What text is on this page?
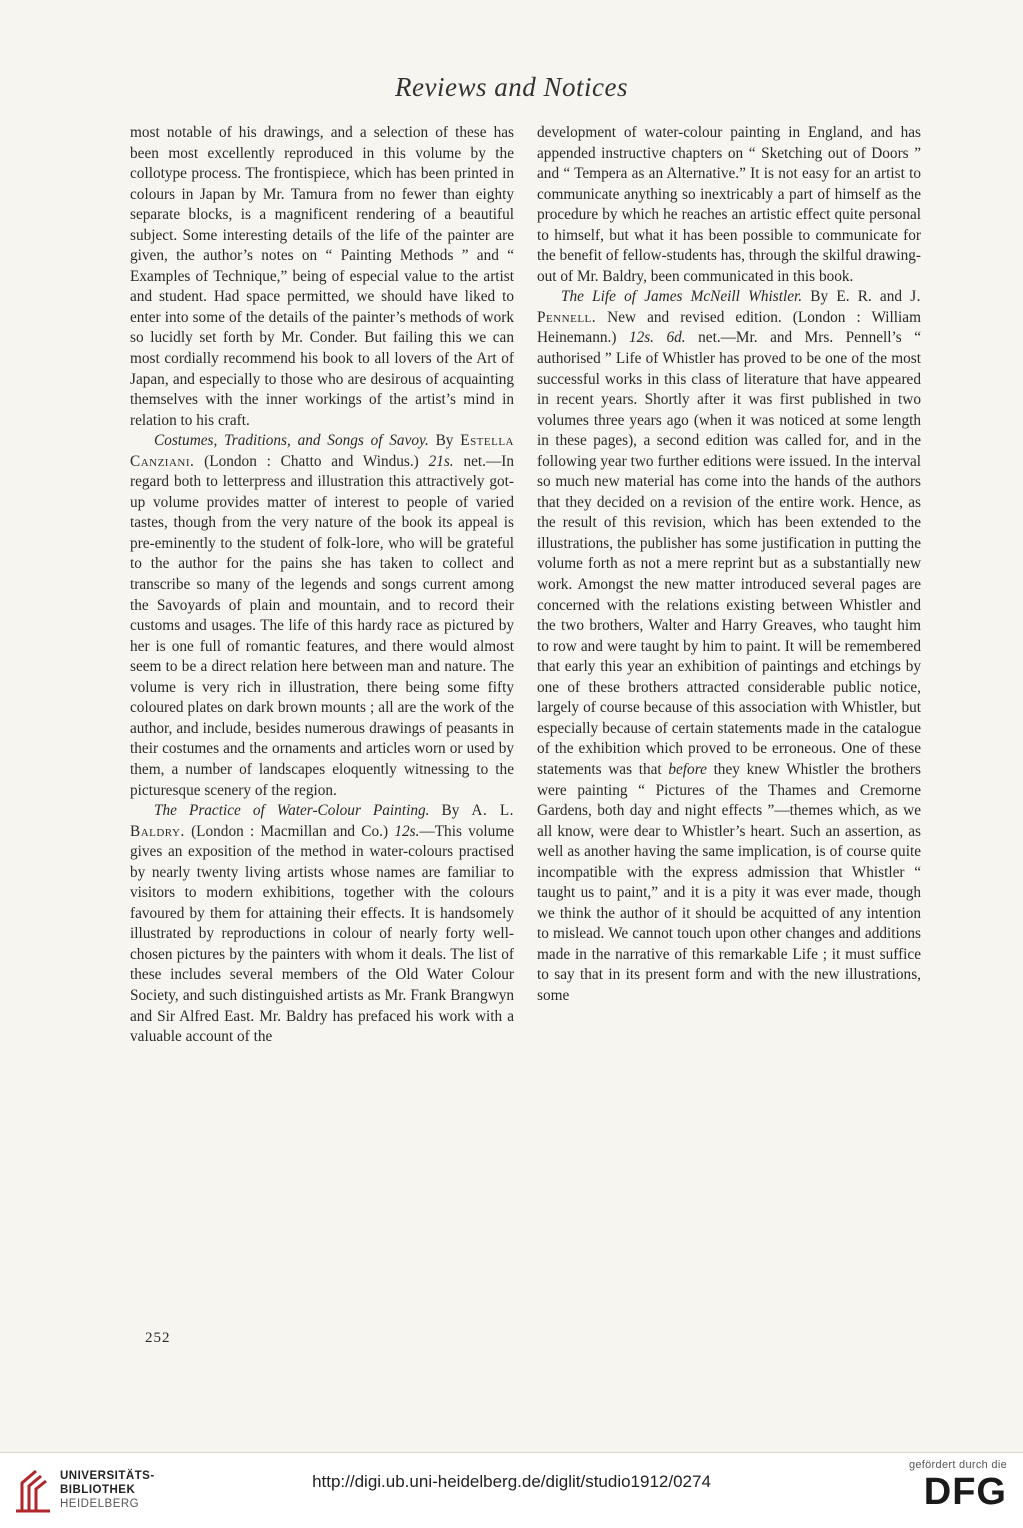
Reviews and Notices

most notable of his drawings, and a selection of these has been most excellently reproduced in this volume by the collotype process. The frontispiece, which has been printed in colours in Japan by Mr. Tamura from no fewer than eighty separate blocks, is a magnificent rendering of a beautiful subject. Some interesting details of the life of the painter are given, the author’s notes on “ Painting Methods ” and “ Examples of Technique,” being of especial value to the artist and student. Had space permitted, we should have liked to enter into some of the details of the painter’s methods of work so lucidly set forth by Mr. Conder. But failing this we can most cordially recommend his book to all lovers of the Art of Japan, and especially to those who are desirous of acquainting themselves with the inner workings of the artist’s mind in relation to his craft.

Costumes, Traditions, and Songs of Savoy. By Estella Canziani. (London : Chatto and Windus.) 21s. net.—In regard both to letterpress and illustration this attractively got-up volume provides matter of interest to people of varied tastes, though from the very nature of the book its appeal is pre-eminently to the student of folk-lore, who will be grateful to the author for the pains she has taken to collect and transcribe so many of the legends and songs current among the Savoyards of plain and mountain, and to record their customs and usages. The life of this hardy race as pictured by her is one full of romantic features, and there would almost seem to be a direct relation here between man and nature. The volume is very rich in illustration, there being some fifty coloured plates on dark brown mounts ; all are the work of the author, and include, besides numerous drawings of peasants in their costumes and the ornaments and articles worn or used by them, a number of landscapes eloquently witnessing to the picturesque scenery of the region.

The Practice of Water-Colour Painting. By A. L. Baldry. (London : Macmillan and Co.) 12s.—This volume gives an exposition of the method in water-colours practised by nearly twenty living artists whose names are familiar to visitors to modern exhibitions, together with the colours favoured by them for attaining their effects. It is handsomely illustrated by reproductions in colour of nearly forty well-chosen pictures by the painters with whom it deals. The list of these includes several members of the Old Water Colour Society, and such distinguished artists as Mr. Frank Brangwyn and Sir Alfred East. Mr. Baldry has prefaced his work with a valuable account of the

development of water-colour painting in England, and has appended instructive chapters on “ Sketching out of Doors ” and “ Tempera as an Alternative.” It is not easy for an artist to communicate anything so inextricably a part of himself as the procedure by which he reaches an artistic effect quite personal to himself, but what it has been possible to communicate for the benefit of fellow-students has, through the skilful drawing-out of Mr. Baldry, been communicated in this book.

The Life of James McNeill Whistler. By E. R. and J. Pennell. New and revised edition. (London : William Heinemann.) 12s. 6d. net.—Mr. and Mrs. Pennell’s “ authorised ” Life of Whistler has proved to be one of the most successful works in this class of literature that have appeared in recent years. Shortly after it was first published in two volumes three years ago (when it was noticed at some length in these pages), a second edition was called for, and in the following year two further editions were issued. In the interval so much new material has come into the hands of the authors that they decided on a revision of the entire work. Hence, as the result of this revision, which has been extended to the illustrations, the publisher has some justification in putting the volume forth as not a mere reprint but as a substantially new work. Amongst the new matter introduced several pages are concerned with the relations existing between Whistler and the two brothers, Walter and Harry Greaves, who taught him to row and were taught by him to paint. It will be remembered that early this year an exhibition of paintings and etchings by one of these brothers attracted considerable public notice, largely of course because of this association with Whistler, but especially because of certain statements made in the catalogue of the exhibition which proved to be erroneous. One of these statements was that before they knew Whistler the brothers were painting “ Pictures of the Thames and Cremorne Gardens, both day and night effects ”—themes which, as we all know, were dear to Whistler’s heart. Such an assertion, as well as another having the same implication, is of course quite incompatible with the express admission that Whistler “ taught us to paint,” and it is a pity it was ever made, though we think the author of it should be acquitted of any intention to mislead. We cannot touch upon other changes and additions made in the narrative of this remarkable Life ; it must suffice to say that in its present form and with the new illustrations, some

252
UNIVERSITÄTS-
BIBLIOTHEK
HEIDELBERG
http://digi.ub.uni-heidelberg.de/diglit/studio1912/0274
gefördert durch die
DFG
